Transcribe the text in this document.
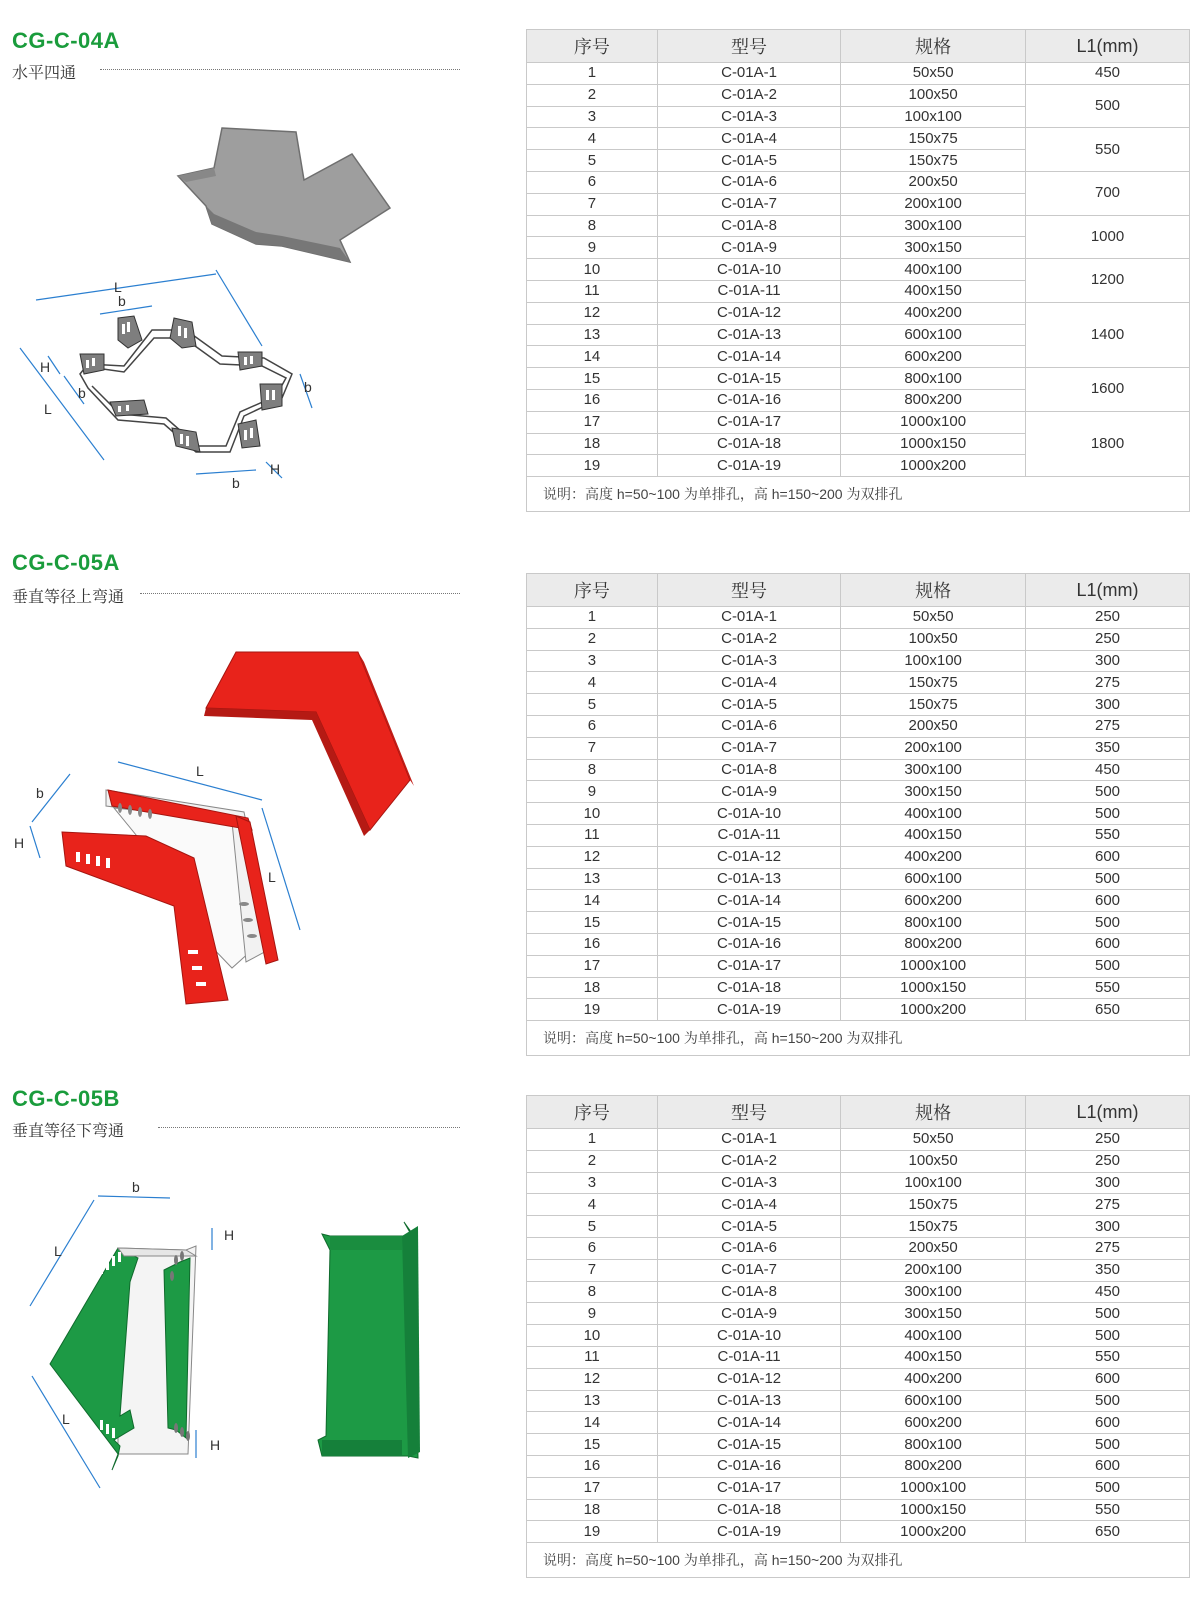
CG-C-04A
水平四通
L
b
H
b
L
b
H
b
序号	型号	规格	L1(mm)
1	C-01A-1	50x50	450
2	C-01A-2	100x50	500
3	C-01A-3	100x100	
4	C-01A-4	150x75	550
5	C-01A-5	150x75	
6	C-01A-6	200x50	700
7	C-01A-7	200x100	
8	C-01A-8	300x100	1000
9	C-01A-9	300x150	
10	C-01A-10	400x100	1200
11	C-01A-11	400x150	
12	C-01A-12	400x200	1400
13	C-01A-13	600x100	
14	C-01A-14	600x200	
15	C-01A-15	800x100	1600
16	C-01A-16	800x200	
17	C-01A-17	1000x100	1800
18	C-01A-18	1000x150	
19	C-01A-19	1000x200	
说明：高度 h=50~100 为单排孔，高 h=150~200 为双排孔			
CG-C-05A
垂直等径上弯通
L
b
H
L
序号	型号	规格	L1(mm)
1	C-01A-1	50x50	250
2	C-01A-2	100x50	250
3	C-01A-3	100x100	300
4	C-01A-4	150x75	275
5	C-01A-5	150x75	300
6	C-01A-6	200x50	275
7	C-01A-7	200x100	350
8	C-01A-8	300x100	450
9	C-01A-9	300x150	500
10	C-01A-10	400x100	500
11	C-01A-11	400x150	550
12	C-01A-12	400x200	600
13	C-01A-13	600x100	500
14	C-01A-14	600x200	600
15	C-01A-15	800x100	500
16	C-01A-16	800x200	600
17	C-01A-17	1000x100	500
18	C-01A-18	1000x150	550
19	C-01A-19	1000x200	650
说明：高度 h=50~100 为单排孔，高 h=150~200 为双排孔			
CG-C-05B
垂直等径下弯通
b
H
L
L
H
序号	型号	规格	L1(mm)
1	C-01A-1	50x50	250
2	C-01A-2	100x50	250
3	C-01A-3	100x100	300
4	C-01A-4	150x75	275
5	C-01A-5	150x75	300
6	C-01A-6	200x50	275
7	C-01A-7	200x100	350
8	C-01A-8	300x100	450
9	C-01A-9	300x150	500
10	C-01A-10	400x100	500
11	C-01A-11	400x150	550
12	C-01A-12	400x200	600
13	C-01A-13	600x100	500
14	C-01A-14	600x200	600
15	C-01A-15	800x100	500
16	C-01A-16	800x200	600
17	C-01A-17	1000x100	500
18	C-01A-18	1000x150	550
19	C-01A-19	1000x200	650
说明：高度 h=50~100 为单排孔，高 h=150~200 为双排孔			
